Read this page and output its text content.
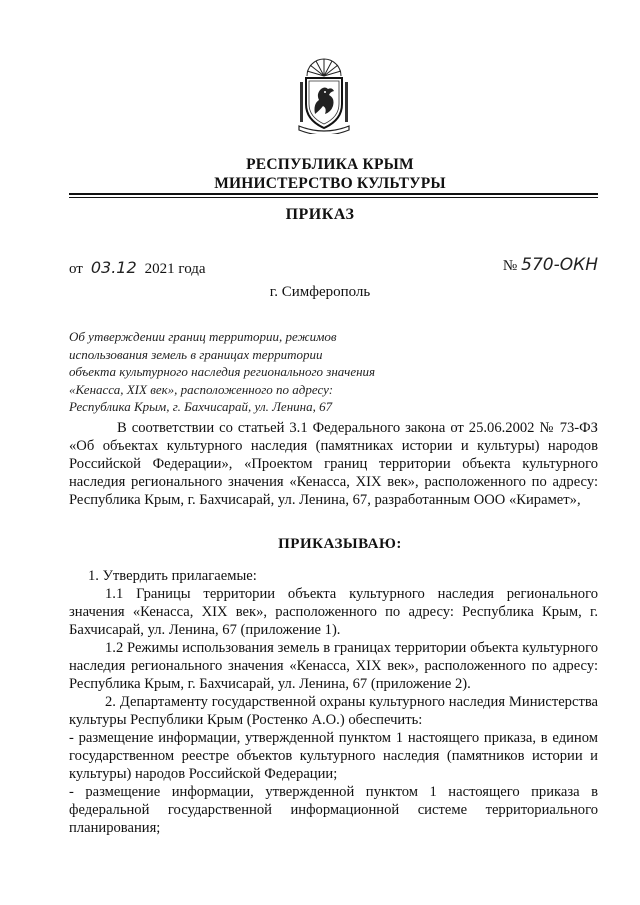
РЕСПУБЛИКА КРЫМ
МИНИСТЕРСТВО КУЛЬТУРЫ
ПРИКАЗ
от 03.12 2021 года	№ 570-ОКН
г. Симферополь
Об утверждении границ территории, режимов
использования земель в границах территории
объекта культурного наследия регионального значения
«Кенасса, XIX век», расположенного по адресу:
Республика Крым, г. Бахчисарай, ул. Ленина, 67
В соответствии со статьей 3.1 Федерального закона от 25.06.2002 № 73-ФЗ «Об объектах культурного наследия (памятниках истории и культуры) народов Российской Федерации», «Проектом границ территории объекта культурного наследия регионального значения «Кенасса, XIX век», расположенного по адресу: Республика Крым, г. Бахчисарай, ул. Ленина, 67, разработанным ООО «Кирамет»,
ПРИКАЗЫВАЮ:

1. Утвердить прилагаемые:

1.1 Границы территории объекта культурного наследия регионального значения «Кенасса, XIX век», расположенного по адресу: Республика Крым, г. Бахчисарай, ул. Ленина, 67 (приложение 1).

1.2 Режимы использования земель в границах территории объекта культурного наследия регионального значения «Кенасса, XIX век», расположенного по адресу: Республика Крым, г. Бахчисарай, ул. Ленина, 67 (приложение 2).

2. Департаменту государственной охраны культурного наследия Министерства культуры Республики Крым (Ростенко А.О.) обеспечить:

- размещение информации, утвержденной пунктом 1 настоящего приказа, в едином государственном реестре объектов культурного наследия (памятников истории и культуры) народов Российской Федерации;

- размещение информации, утвержденной пунктом 1 настоящего приказа в федеральной государственной информационной системе территориального планирования;
